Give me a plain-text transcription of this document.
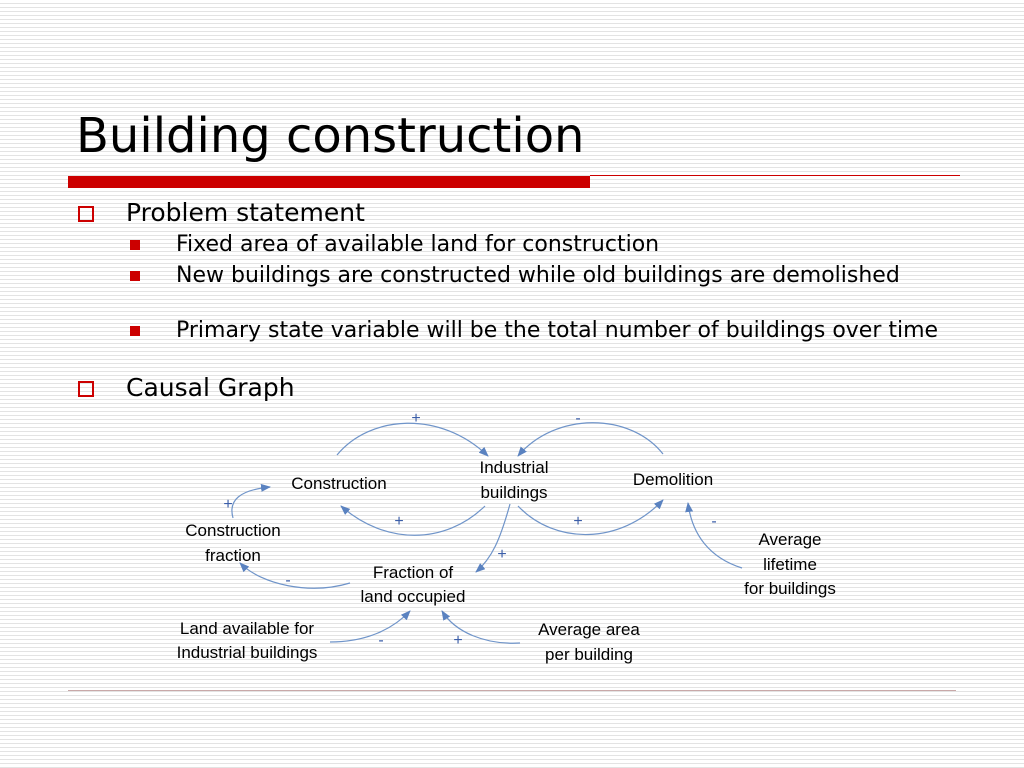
Building construction
Problem statement
Fixed area of available land for construction
New buildings are constructed while old buildings are demolished
Primary state variable will be the total number of buildings over time
Causal Graph
Construction
Industrial
buildings
Demolition
Construction
fraction
Fraction of
land occupied
Average
lifetime
for buildings
Land available for
Industrial buildings
Average area
per building
+	-
+	+
+
-
+
-
-	+
